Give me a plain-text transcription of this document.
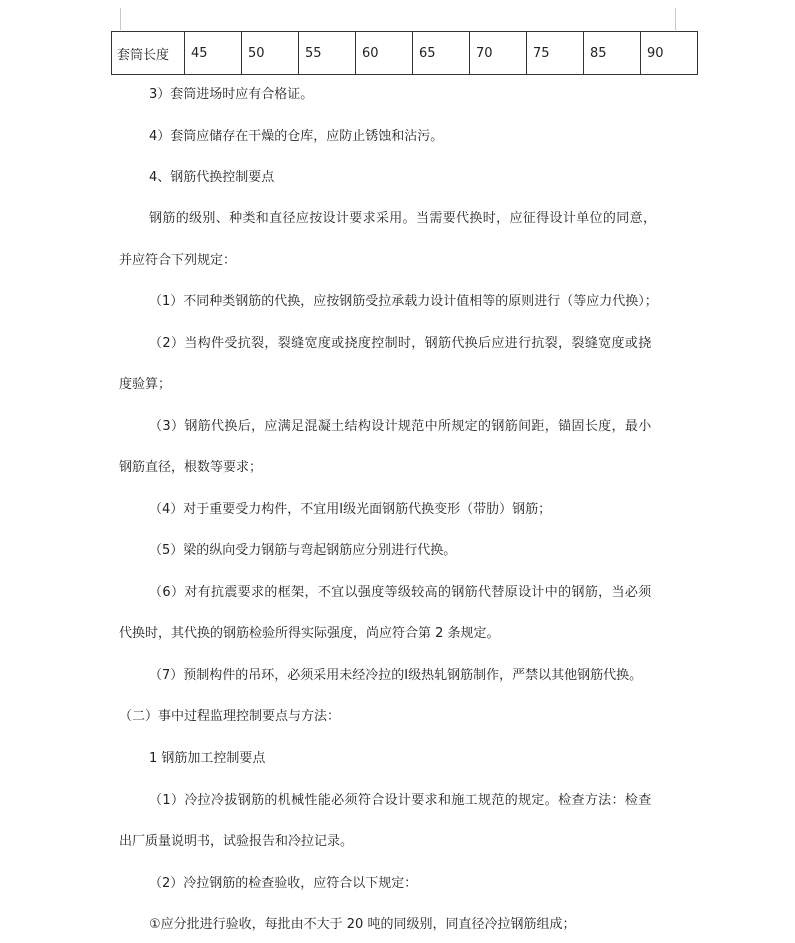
套筒长度	45	50	55	60	65	70	75	85	90
3）套筒进场时应有合格证。
4）套筒应储存在干燥的仓库，应防止锈蚀和沾污。
4、钢筋代换控制要点
钢筋的级别、种类和直径应按设计要求采用。当需要代换时，应征得设计单位的同意，
并应符合下列规定：
（1）不同种类钢筋的代换，应按钢筋受拉承载力设计值相等的原则进行（等应力代换）；
（2）当构件受抗裂，裂缝宽度或挠度控制时，钢筋代换后应进行抗裂，裂缝宽度或挠
度验算；
（3）钢筋代换后，应满足混凝土结构设计规范中所规定的钢筋间距，锚固长度，最小
钢筋直径，根数等要求；
（4）对于重要受力构件，不宜用Ⅰ级光面钢筋代换变形（带肋）钢筋；
（5）梁的纵向受力钢筋与弯起钢筋应分别进行代换。
（6）对有抗震要求的框架，不宜以强度等级较高的钢筋代替原设计中的钢筋，当必须
代换时，其代换的钢筋检验所得实际强度，尚应符合第 2 条规定。
（7）预制构件的吊环，必须采用未经冷拉的Ⅰ级热轧钢筋制作，严禁以其他钢筋代换。
（二）事中过程监理控制要点与方法：
1 钢筋加工控制要点
（1）冷拉冷拔钢筋的机械性能必须符合设计要求和施工规范的规定。检查方法：检查
出厂质量说明书，试验报告和冷拉记录。
（2）冷拉钢筋的检查验收，应符合以下规定：
①应分批进行验收，每批由不大于 20 吨的同级别，同直径冷拉钢筋组成；
